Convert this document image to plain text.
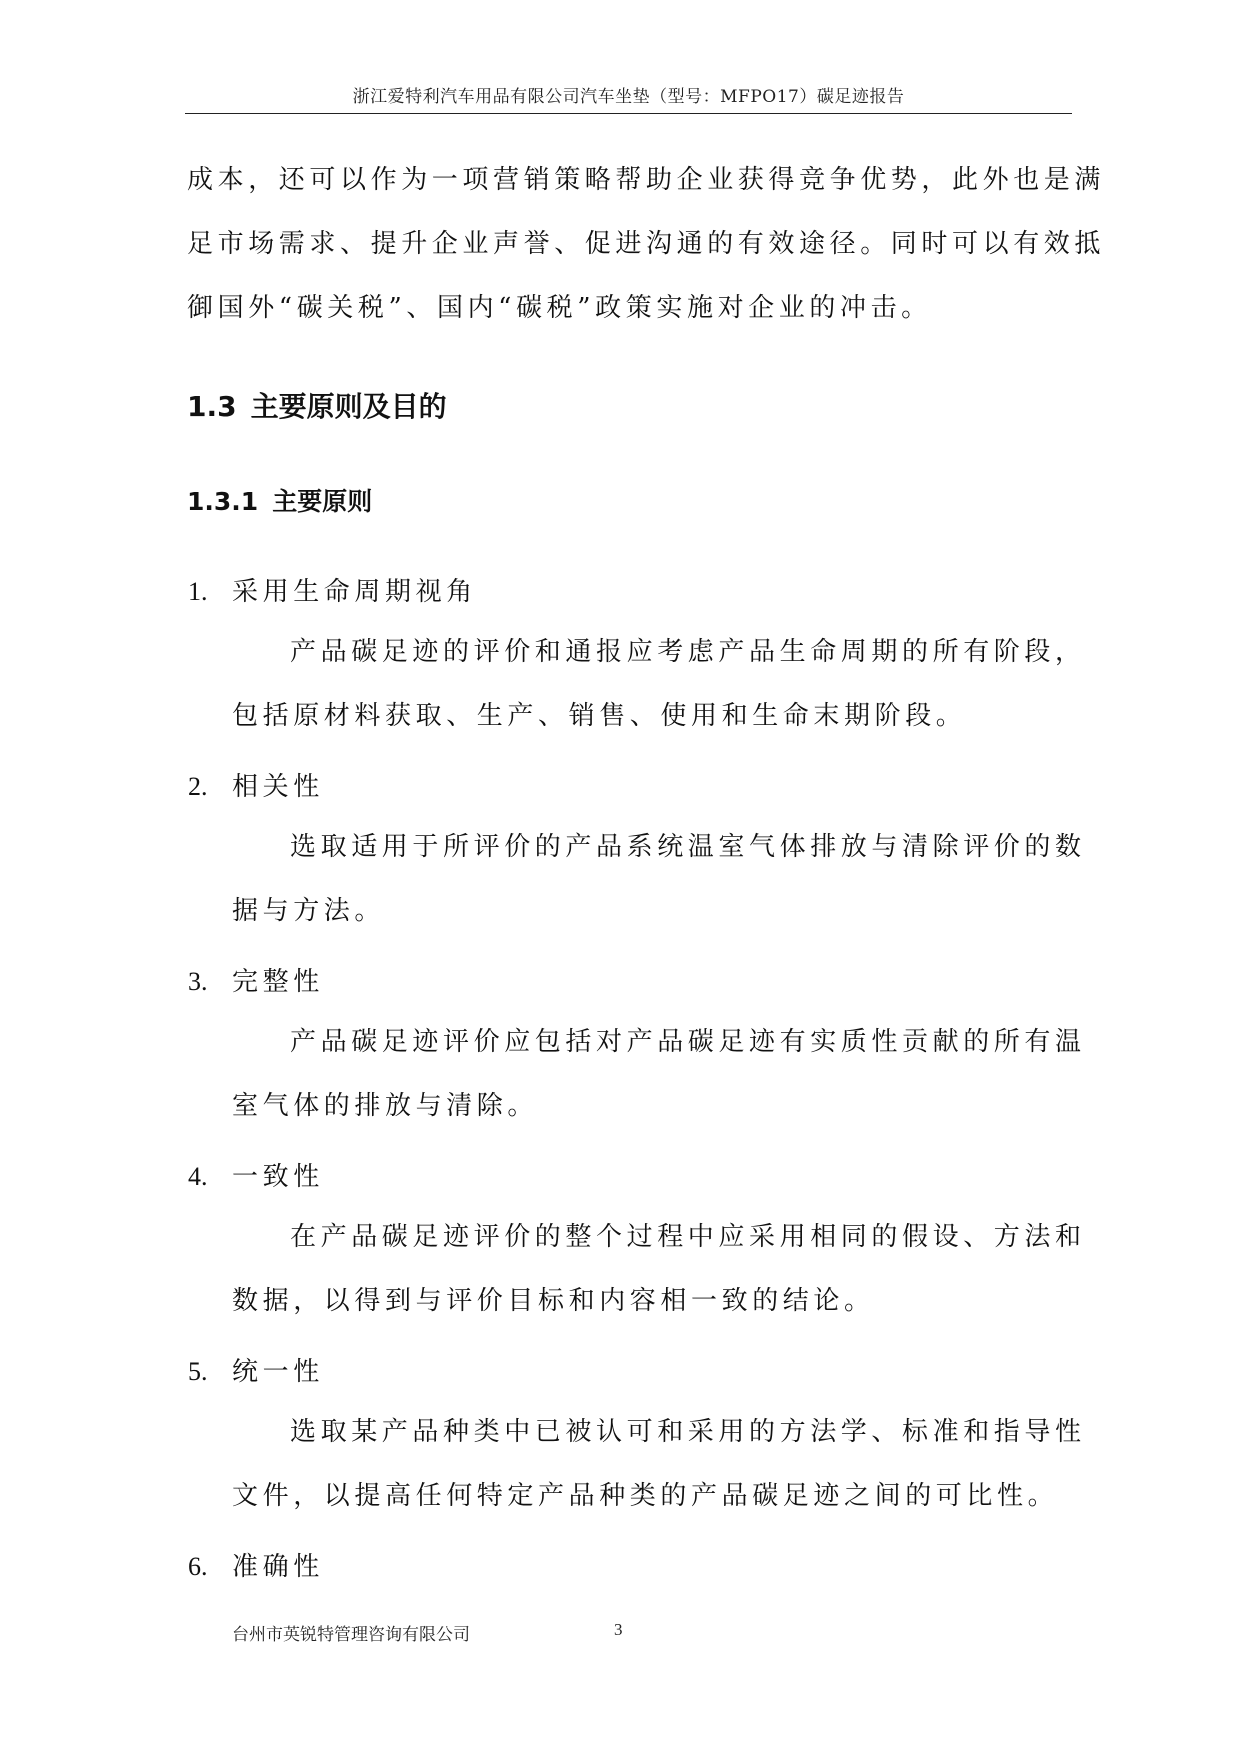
浙江爱特利汽车用品有限公司汽车坐垫（型号：MFPO17）碳足迹报告
成本，还可以作为一项营销策略帮助企业获得竞争优势，此外也是满
足市场需求、提升企业声誉、促进沟通的有效途径。同时可以有效抵
御国外“碳关税”、国内“碳税”政策实施对企业的冲击。
1.3 主要原则及目的
1.3.1 主要原则
1. 采用生命周期视角
产品碳足迹的评价和通报应考虑产品生命周期的所有阶段，
包括原材料获取、生产、销售、使用和生命末期阶段。
2. 相关性
选取适用于所评价的产品系统温室气体排放与清除评价的数
据与方法。
3. 完整性
产品碳足迹评价应包括对产品碳足迹有实质性贡献的所有温
室气体的排放与清除。
4. 一致性
在产品碳足迹评价的整个过程中应采用相同的假设、方法和
数据，以得到与评价目标和内容相一致的结论。
5. 统一性
选取某产品种类中已被认可和采用的方法学、标准和指导性
文件，以提高任何特定产品种类的产品碳足迹之间的可比性。
6. 准确性
台州市英锐特管理咨询有限公司	3
